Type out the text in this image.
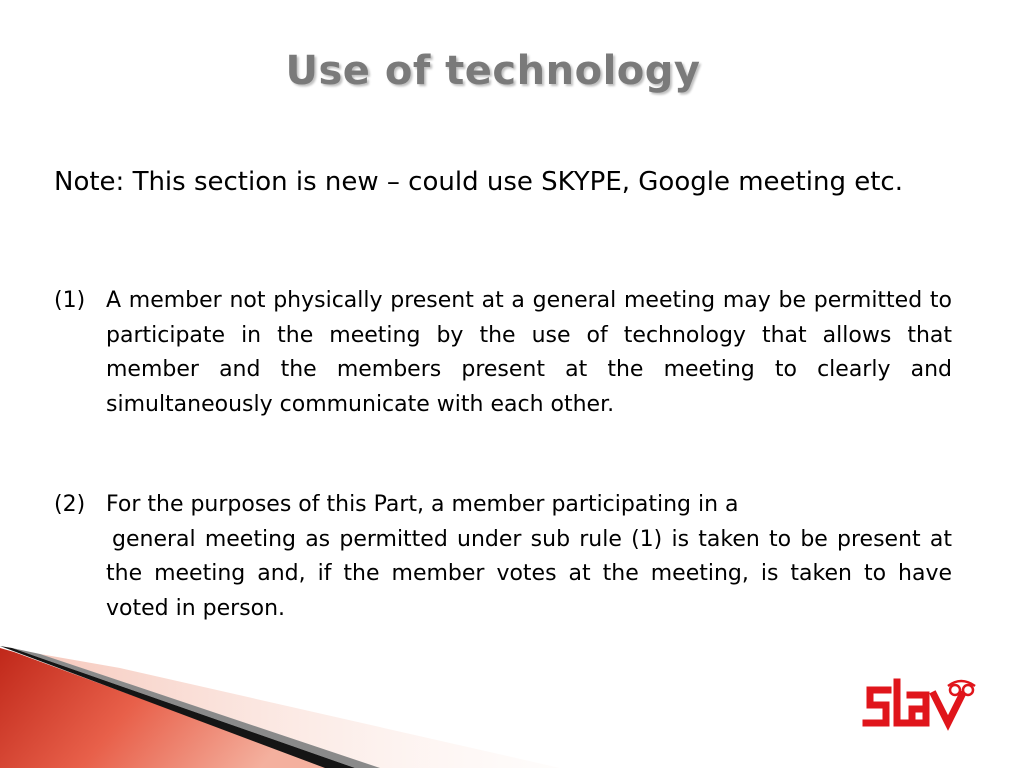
Use of technology
Note: This section is new – could use SKYPE, Google meeting etc.
(1) A member not physically present at a general meeting may be permitted to participate in the meeting by the use of technology that allows that member and the members present at the meeting to clearly and simultaneously communicate with each other.
(2) For the purposes of this Part, a member participating in a
general meeting as permitted under sub rule (1) is taken to be present at the meeting and, if the member votes at the meeting, is taken to have voted in person.
